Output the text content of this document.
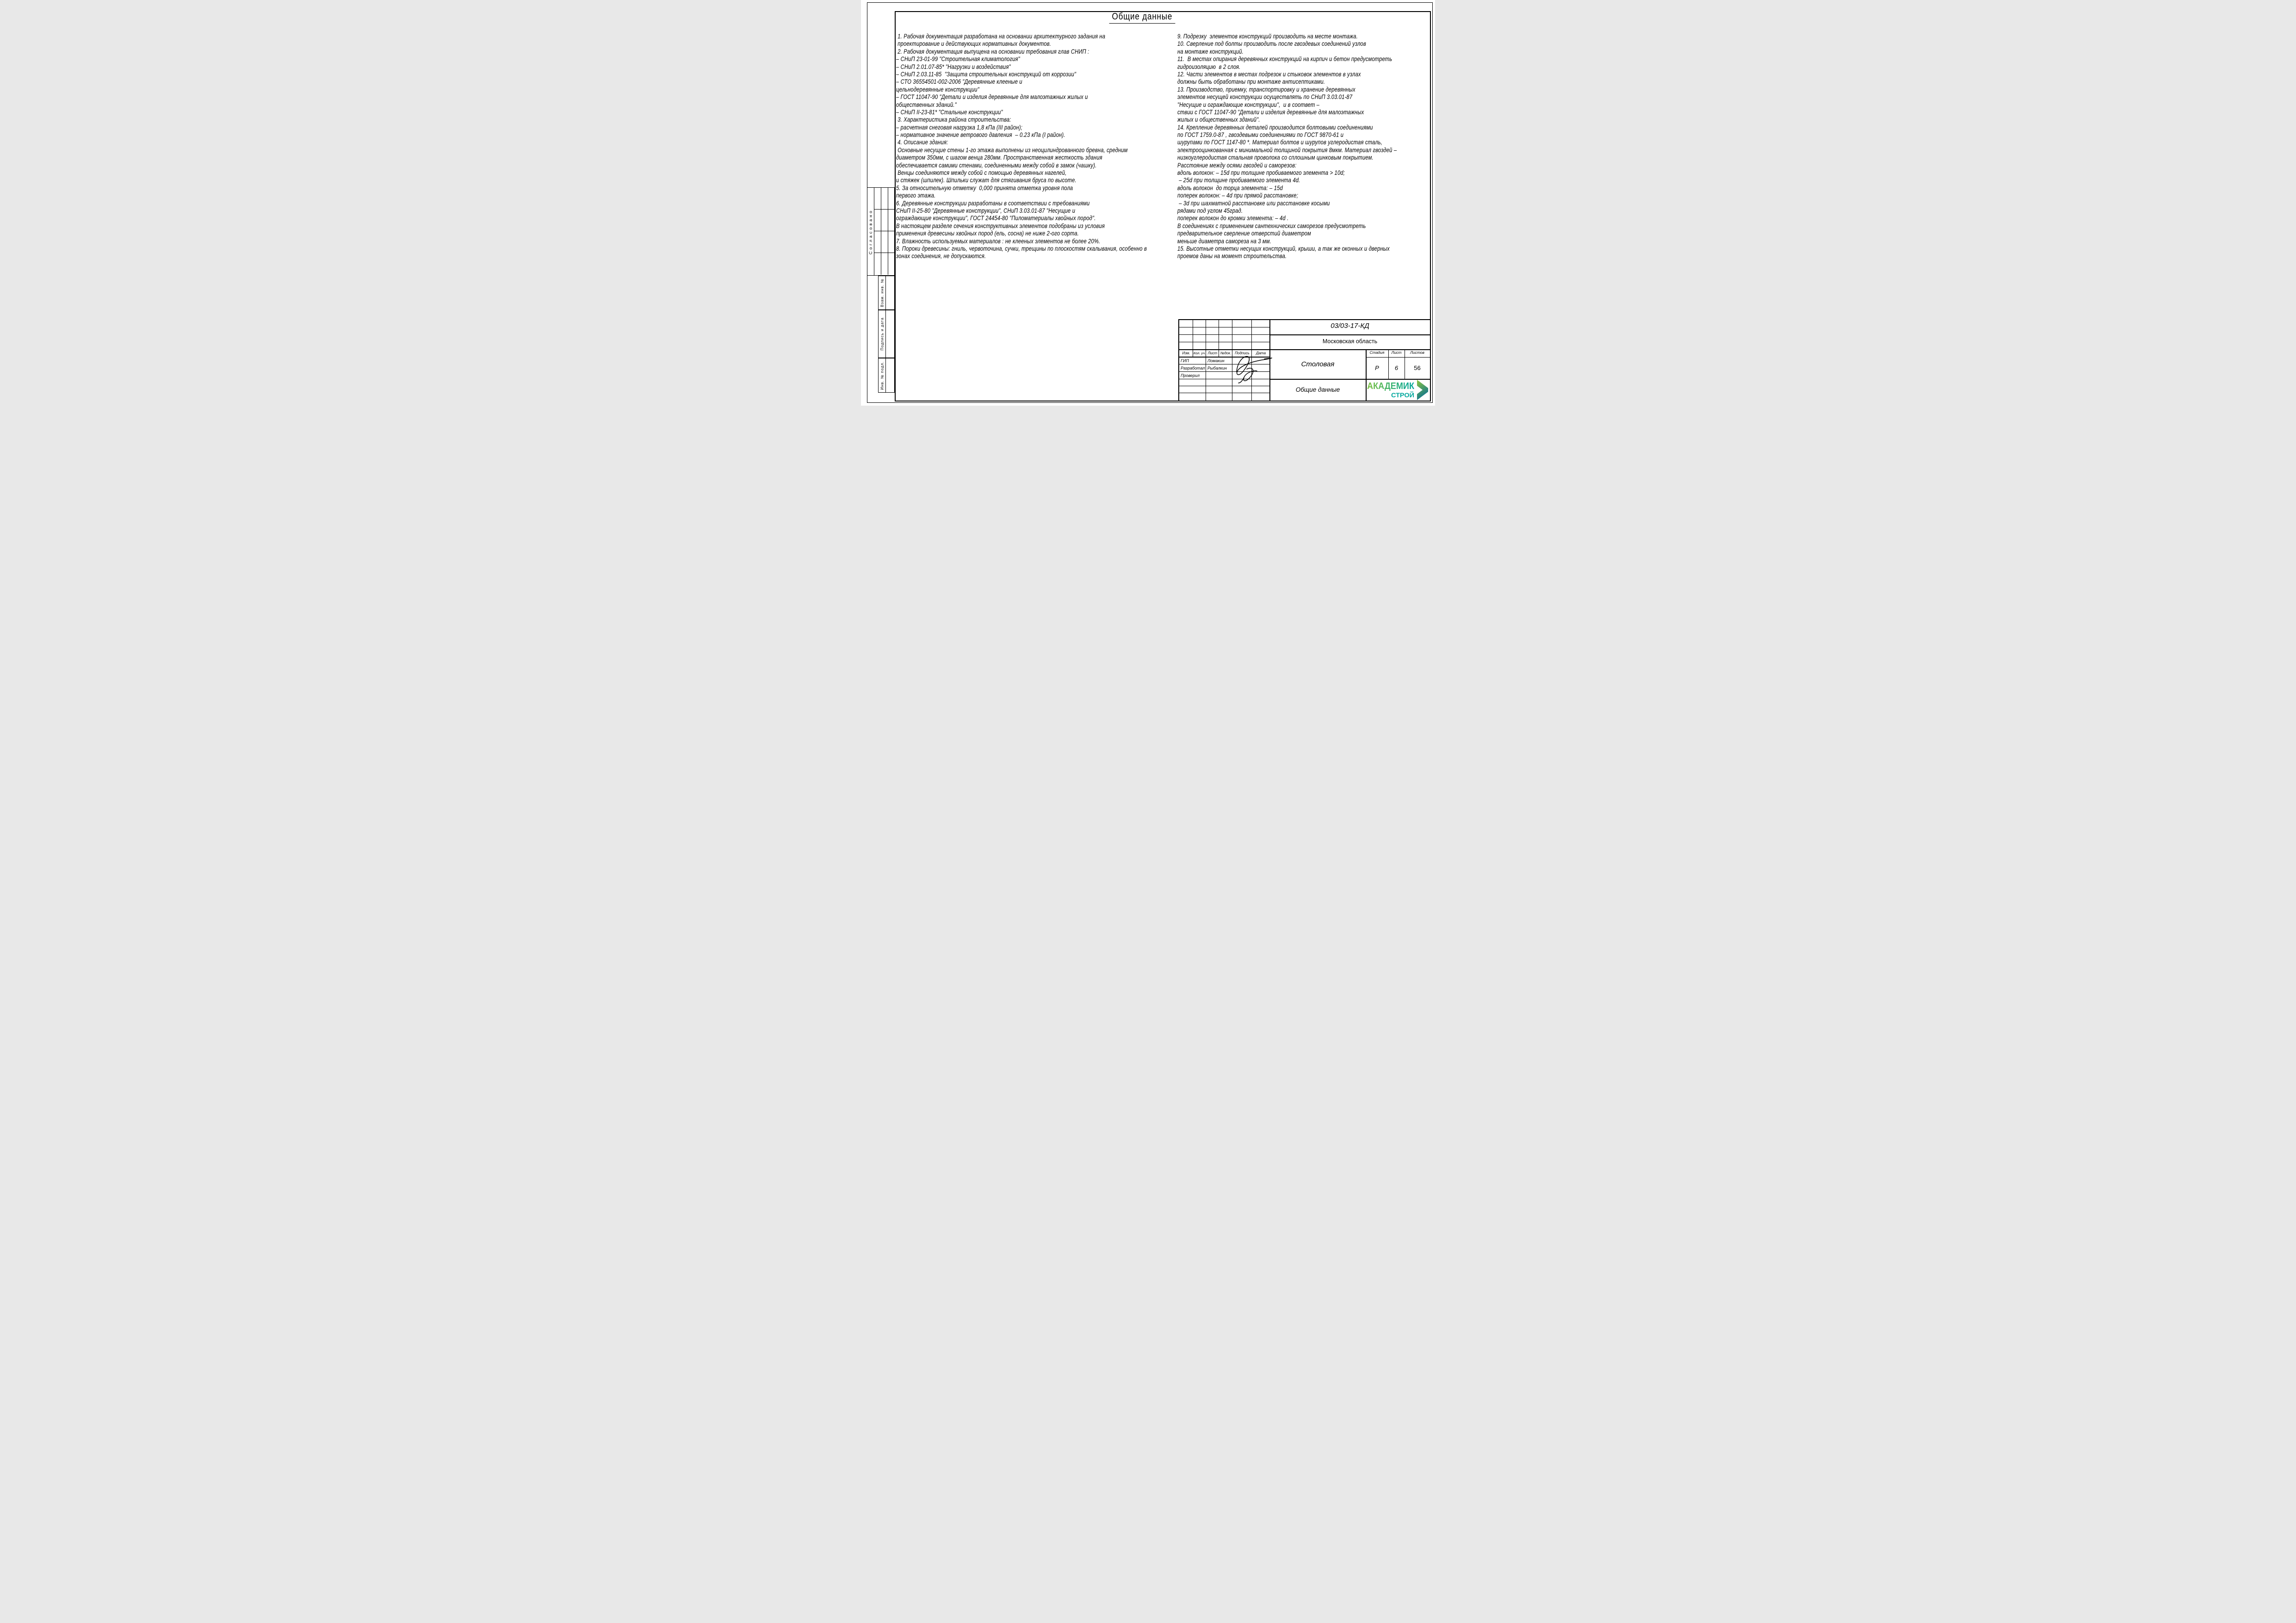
Общие данные
1. Рабочая документация разработана на основании архитектурного задания на
проектирование и действующих нормативных документов.
2. Рабочая документация выпущена на основании требования глав СНИП :
– СНиП 23-01-99 "Строительная климатология"
– СНиП 2.01.07-85* "Нагрузки и воздействия"
– СНиП 2.03.11-85  "Защита строительных конструкций от коррозии"
– СТО 36554501-002-2006 "Деревянные клееные и
цельнодеревянные конструкции"
– ГОСТ 11047-90 "Детали и изделия деревянные для малоэтажных жилых и
общественных зданий."
– СНиП II-23-81* "Стальные конструкции"
3. Характеристика района строительства:
– расчетная снеговая нагрузка 1,8 кПа (III район);
– нормативное значение ветрового давления  – 0.23 кПа (I район).
4. Описание здания:
Основные несущие стены 1-го этажа выполнены из неоцилиндрованного бревна, средним
диаметром 350мм, с шагом венца 280мм. Пространственная жесткость здания
обеспечивается самими стенами, соединенными между собой в замок (чашку).
Венцы соединяются между собой с помощью деревянных нагелей,
и стяжек (шпилек). Шпильки служат для стягивания бруса по высоте.
5. За относительную отметку  0,000 принята отметка уровня пола
первого этажа.
6. Деревянные конструкции разработаны в соответствии с требованиями
СНиП II-25-80 "Деревянные конструкции", СНиП 3.03.01-87 "Несущие и
ограждающие конструкции", ГОСТ 24454-80 "Пиломатериалы хвойных пород".
В настоящем разделе сечения конструктивных элементов подобраны из условия
применения древесины хвойных пород (ель, сосна) не ниже 2-ого сорта.
7. Влажность используемых материалов : не клееных элементов не более 20%.
8. Пороки древесины: гниль, червоточина, сучки, трещины по плоскостям скалывания, особенно в
зонах соединения, не допускаются.
9. Подрезку  элементов конструкций производить на месте монтажа.
10. Сверление под болты производить после гвоздевых соединений узлов
на монтаже конструкций.
11.  В местах опирания деревянных конструкций на кирпич и бетон предусмотреть
гидроизоляцию  в 2 слоя.
12. Части элементов в местах подрезок и стыковок элементов в узлах
должны быть обработаны при монтаже антисептиками.
13. Производство, приемку, транспортировку и хранение деревянных
элементов несущей конструкции осуществлять по СНиП 3.03.01-87
"Несущие и ограждающие конструкции",  и в соответ –
ствии с ГОСТ 11047-90 "Детали и изделия деревянные для малоэтажных
жилых и общественных зданий".
14. Крепление деревянных деталей производится болтовыми соединениями
по ГОСТ 1759.0-87 , гвоздевыми соединениями по ГОСТ 9870-61 и
шурупами по ГОСТ 1147-80 *. Материал болтов и шурупов углеродистая сталь,
электрооцинкованная с минимальной толщиной покрытия 8мкм. Материал гвоздей –
низкоуглеродистая стальная проволока со сплошным цинковым покрытием.
Расстояние между осями гвоздей и саморезов:
вдоль волокон: – 15d при толщине пробиваемого элемента > 10d;
– 25d при толщине пробиваемого элемента 4d.
вдоль волокон  до торца элемента: – 15d
поперек волокон: – 4d при прямой расстановке;
– 3d при шахматной расстановке или расстановке косыми
рядами под углом 45град.
поперек волокон до кромки элемента: – 4d .
В соединениях с применением сантехнических саморезов предусмотреть
предварительное сверление отверстий диаметром
меньше диаметра самореза на 3 мм.
15. Высотные отметки несущих конструкций, крыши, а так же оконных и дверных
проемов даны на момент строительства.
Согласовано
Взам. инв. №
Подпись и дата
Инв. № подл.
Изм. Кол. уч. Лист №док. Подпись	Дата
ГИП	Ломакин
Разработал Рыбалкин
Проверил
03/03-17-КД
Московская область
Столовая
Стадия	Лист	Листов
Р	6	56
Общие данные	АКАДЕМИК
СТРОЙ
